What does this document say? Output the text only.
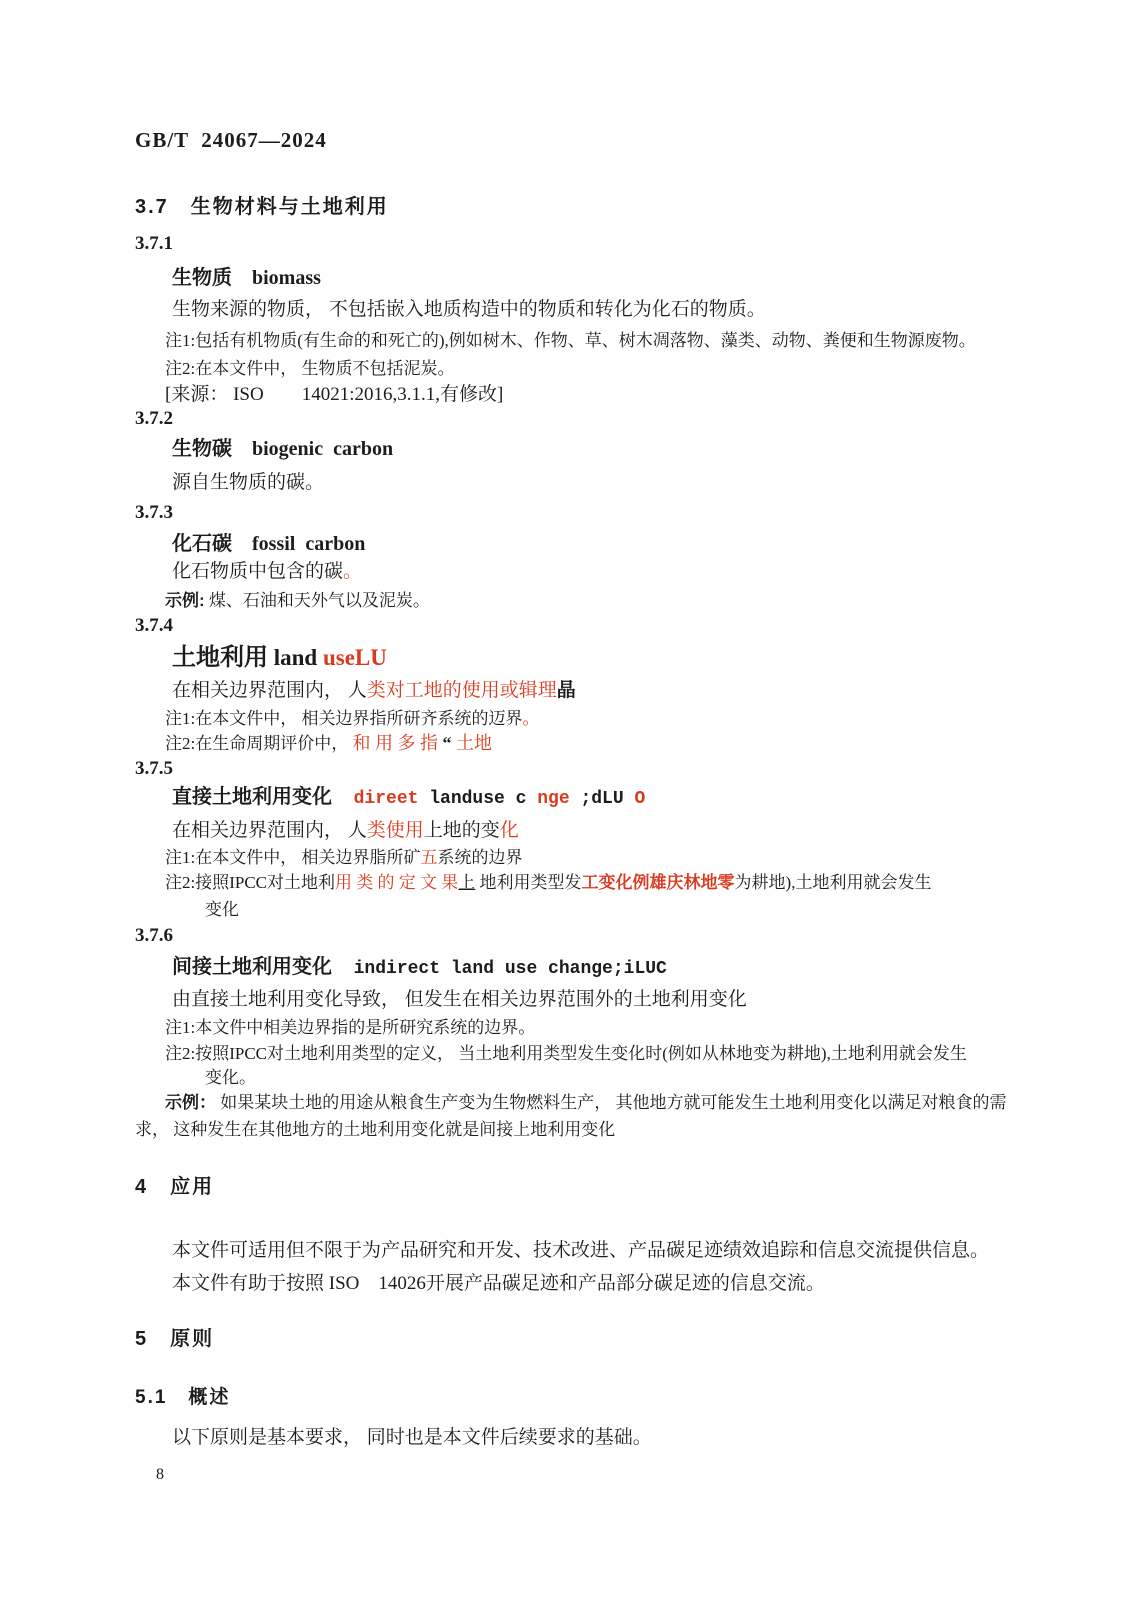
GB/T  24067—2024
3.7　生物材料与土地利用
3.7.1
生物质　 biomass
生物来源的物质， 不包括嵌入地质构造中的物质和转化为化石的物质。
注1:包括有机物质(有生命的和死亡的),例如树木、作物、草、树木凋落物、藻类、动物、粪便和生物源废物。
注2:在本文件中， 生物质不包括泥炭。
[来源： ISO　　14021:2016,3.1.1,有修改]
3.7.2
生物碳　 biogenic  carbon
源自生物质的碳。
3.7.3
化石碳　 fossil  carbon
化石物质中包含的碳。
示例: 煤、石油和天外气以及泥炭。
3.7.4
土地利用 land useLU
在相关边界范围内， 人类对工地的使用或辑理晶
注1:在本文件中， 相关边界指所研齐系统的迈界。
注2:在生命周期评价中， 和 用 多 指 “ 土地
3.7.5
直接土地利用变化 direet landuse c nge ;dLU O
在相关边界范围内， 人类使用上地的变化
注1:在本文件中， 相关边界脂所矿五系统的边界
注2:接照IPCC对土地利用 类 的 定 文 果上 地利用类型发工变化例雄庆林地零为耕地),土地利用就会发生
变化
3.7.6
间接土地利用变化 indirect land use change;iLUC
由直接土地利用变化导致， 但发生在相关边界范围外的土地利用变化
注1:本文件中相美边界指的是所研究系统的边界。
注2:按照IPCC对土地利用类型的定义， 当土地利用类型发生变化时(例如从林地变为耕地),土地利用就会发生
变化。
示例： 如果某块土地的用途从粮食生产变为生物燃料生产， 其他地方就可能发生土地利用变化以满足对粮食的需
求， 这种发生在其他地方的土地利用变化就是间接上地利用变化
4　应用
本文件可适用但不限于为产品研究和开发、技术改进、产品碳足迹绩效追踪和信息交流提供信息。
本文件有助于按照 ISO　14026开展产品碳足迹和产品部分碳足迹的信息交流。
5　原则
5.1　概述
以下原则是基本要求， 同时也是本文件后续要求的基础。
8
